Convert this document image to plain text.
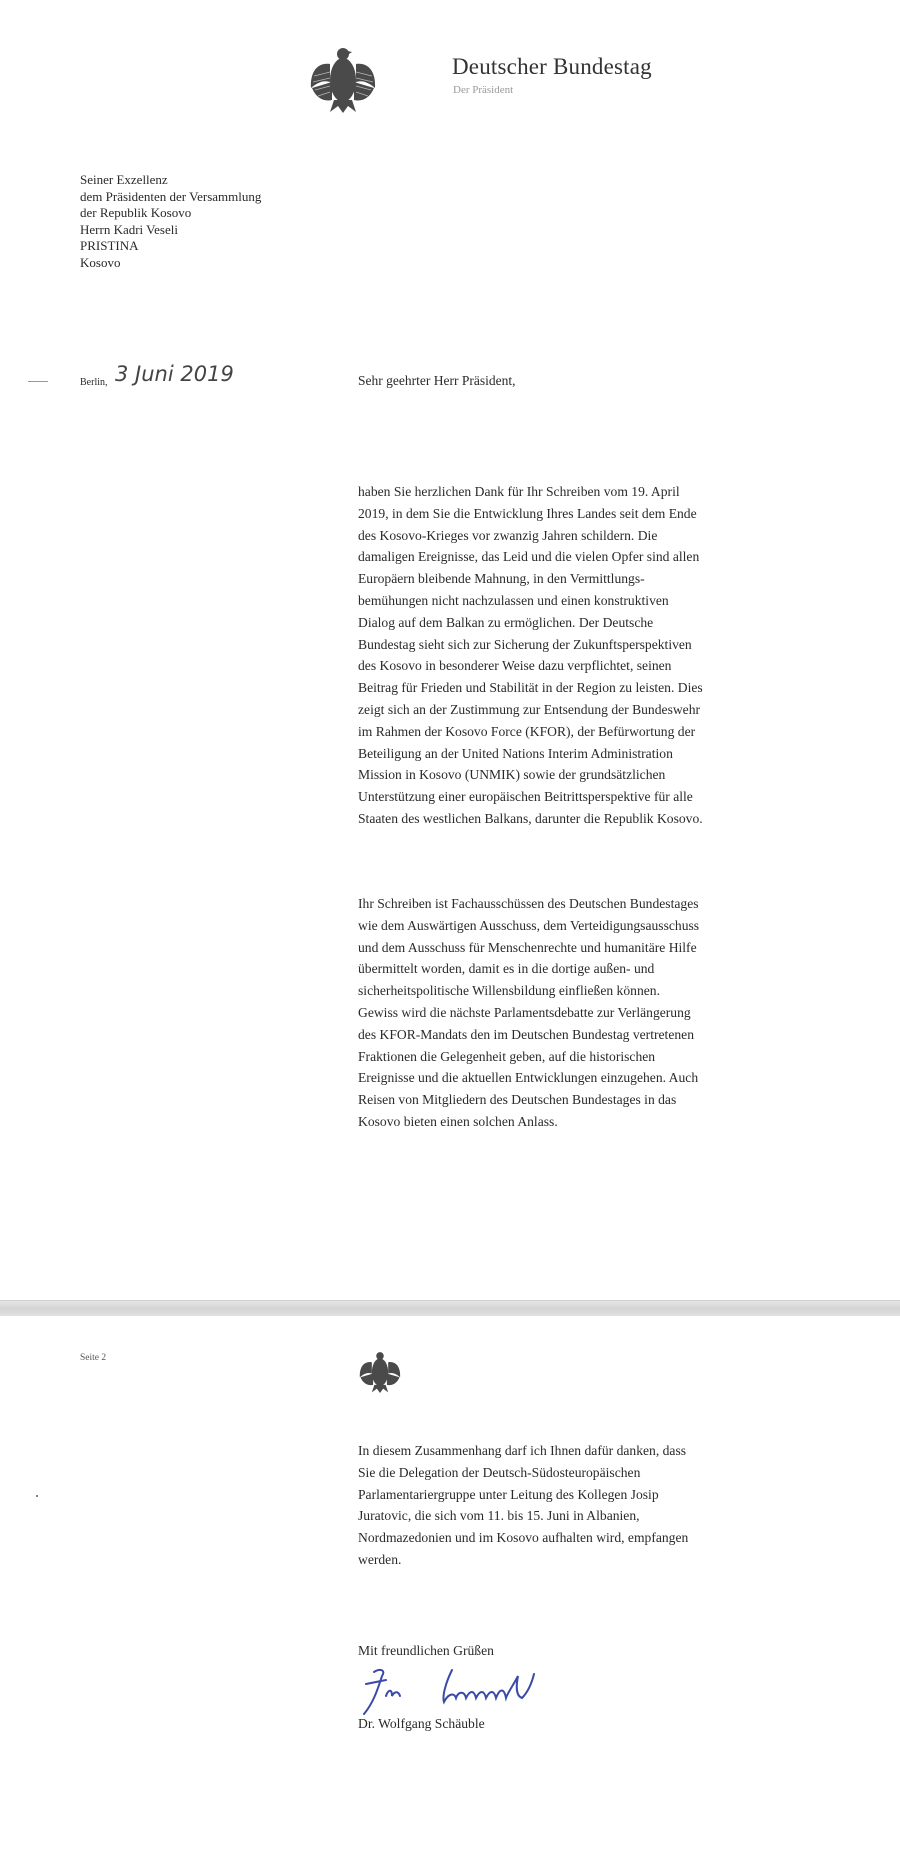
Deutscher Bundestag
Der Präsident
Seiner Exzellenz
dem Präsidenten der Versammlung
der Republik Kosovo
Herrn Kadri Veseli
PRISTINA
Kosovo
Berlin, 3 Juni 2019	Sehr geehrter Herr Präsident,
haben Sie herzlichen Dank für Ihr Schreiben vom 19. April
2019, in dem Sie die Entwicklung Ihres Landes seit dem Ende
des Kosovo-Krieges vor zwanzig Jahren schildern. Die
damaligen Ereignisse, das Leid und die vielen Opfer sind allen
Europäern bleibende Mahnung, in den Vermittlungs-
bemühungen nicht nachzulassen und einen konstruktiven
Dialog auf dem Balkan zu ermöglichen. Der Deutsche
Bundestag sieht sich zur Sicherung der Zukunftsperspektiven
des Kosovo in besonderer Weise dazu verpflichtet, seinen
Beitrag für Frieden und Stabilität in der Region zu leisten. Dies
zeigt sich an der Zustimmung zur Entsendung der Bundeswehr
im Rahmen der Kosovo Force (KFOR), der Befürwortung der
Beteiligung an der United Nations Interim Administration
Mission in Kosovo (UNMIK) sowie der grundsätzlichen
Unterstützung einer europäischen Beitrittsperspektive für alle
Staaten des westlichen Balkans, darunter die Republik Kosovo.
Ihr Schreiben ist Fachausschüssen des Deutschen Bundestages
wie dem Auswärtigen Ausschuss, dem Verteidigungsausschuss
und dem Ausschuss für Menschenrechte und humanitäre Hilfe
übermittelt worden, damit es in die dortige außen- und
sicherheitspolitische Willensbildung einfließen können.
Gewiss wird die nächste Parlamentsdebatte zur Verlängerung
des KFOR-Mandats den im Deutschen Bundestag vertretenen
Fraktionen die Gelegenheit geben, auf die historischen
Ereignisse und die aktuellen Entwicklungen einzugehen. Auch
Reisen von Mitgliedern des Deutschen Bundestages in das
Kosovo bieten einen solchen Anlass.
Seite 2
In diesem Zusammenhang darf ich Ihnen dafür danken, dass
Sie die Delegation der Deutsch-Südosteuropäischen
Parlamentariergruppe unter Leitung des Kollegen Josip
Juratovic, die sich vom 11. bis 15. Juni in Albanien,
Nordmazedonien und im Kosovo aufhalten wird, empfangen
werden.
Mit freundlichen Grüßen
Dr. Wolfgang Schäuble
